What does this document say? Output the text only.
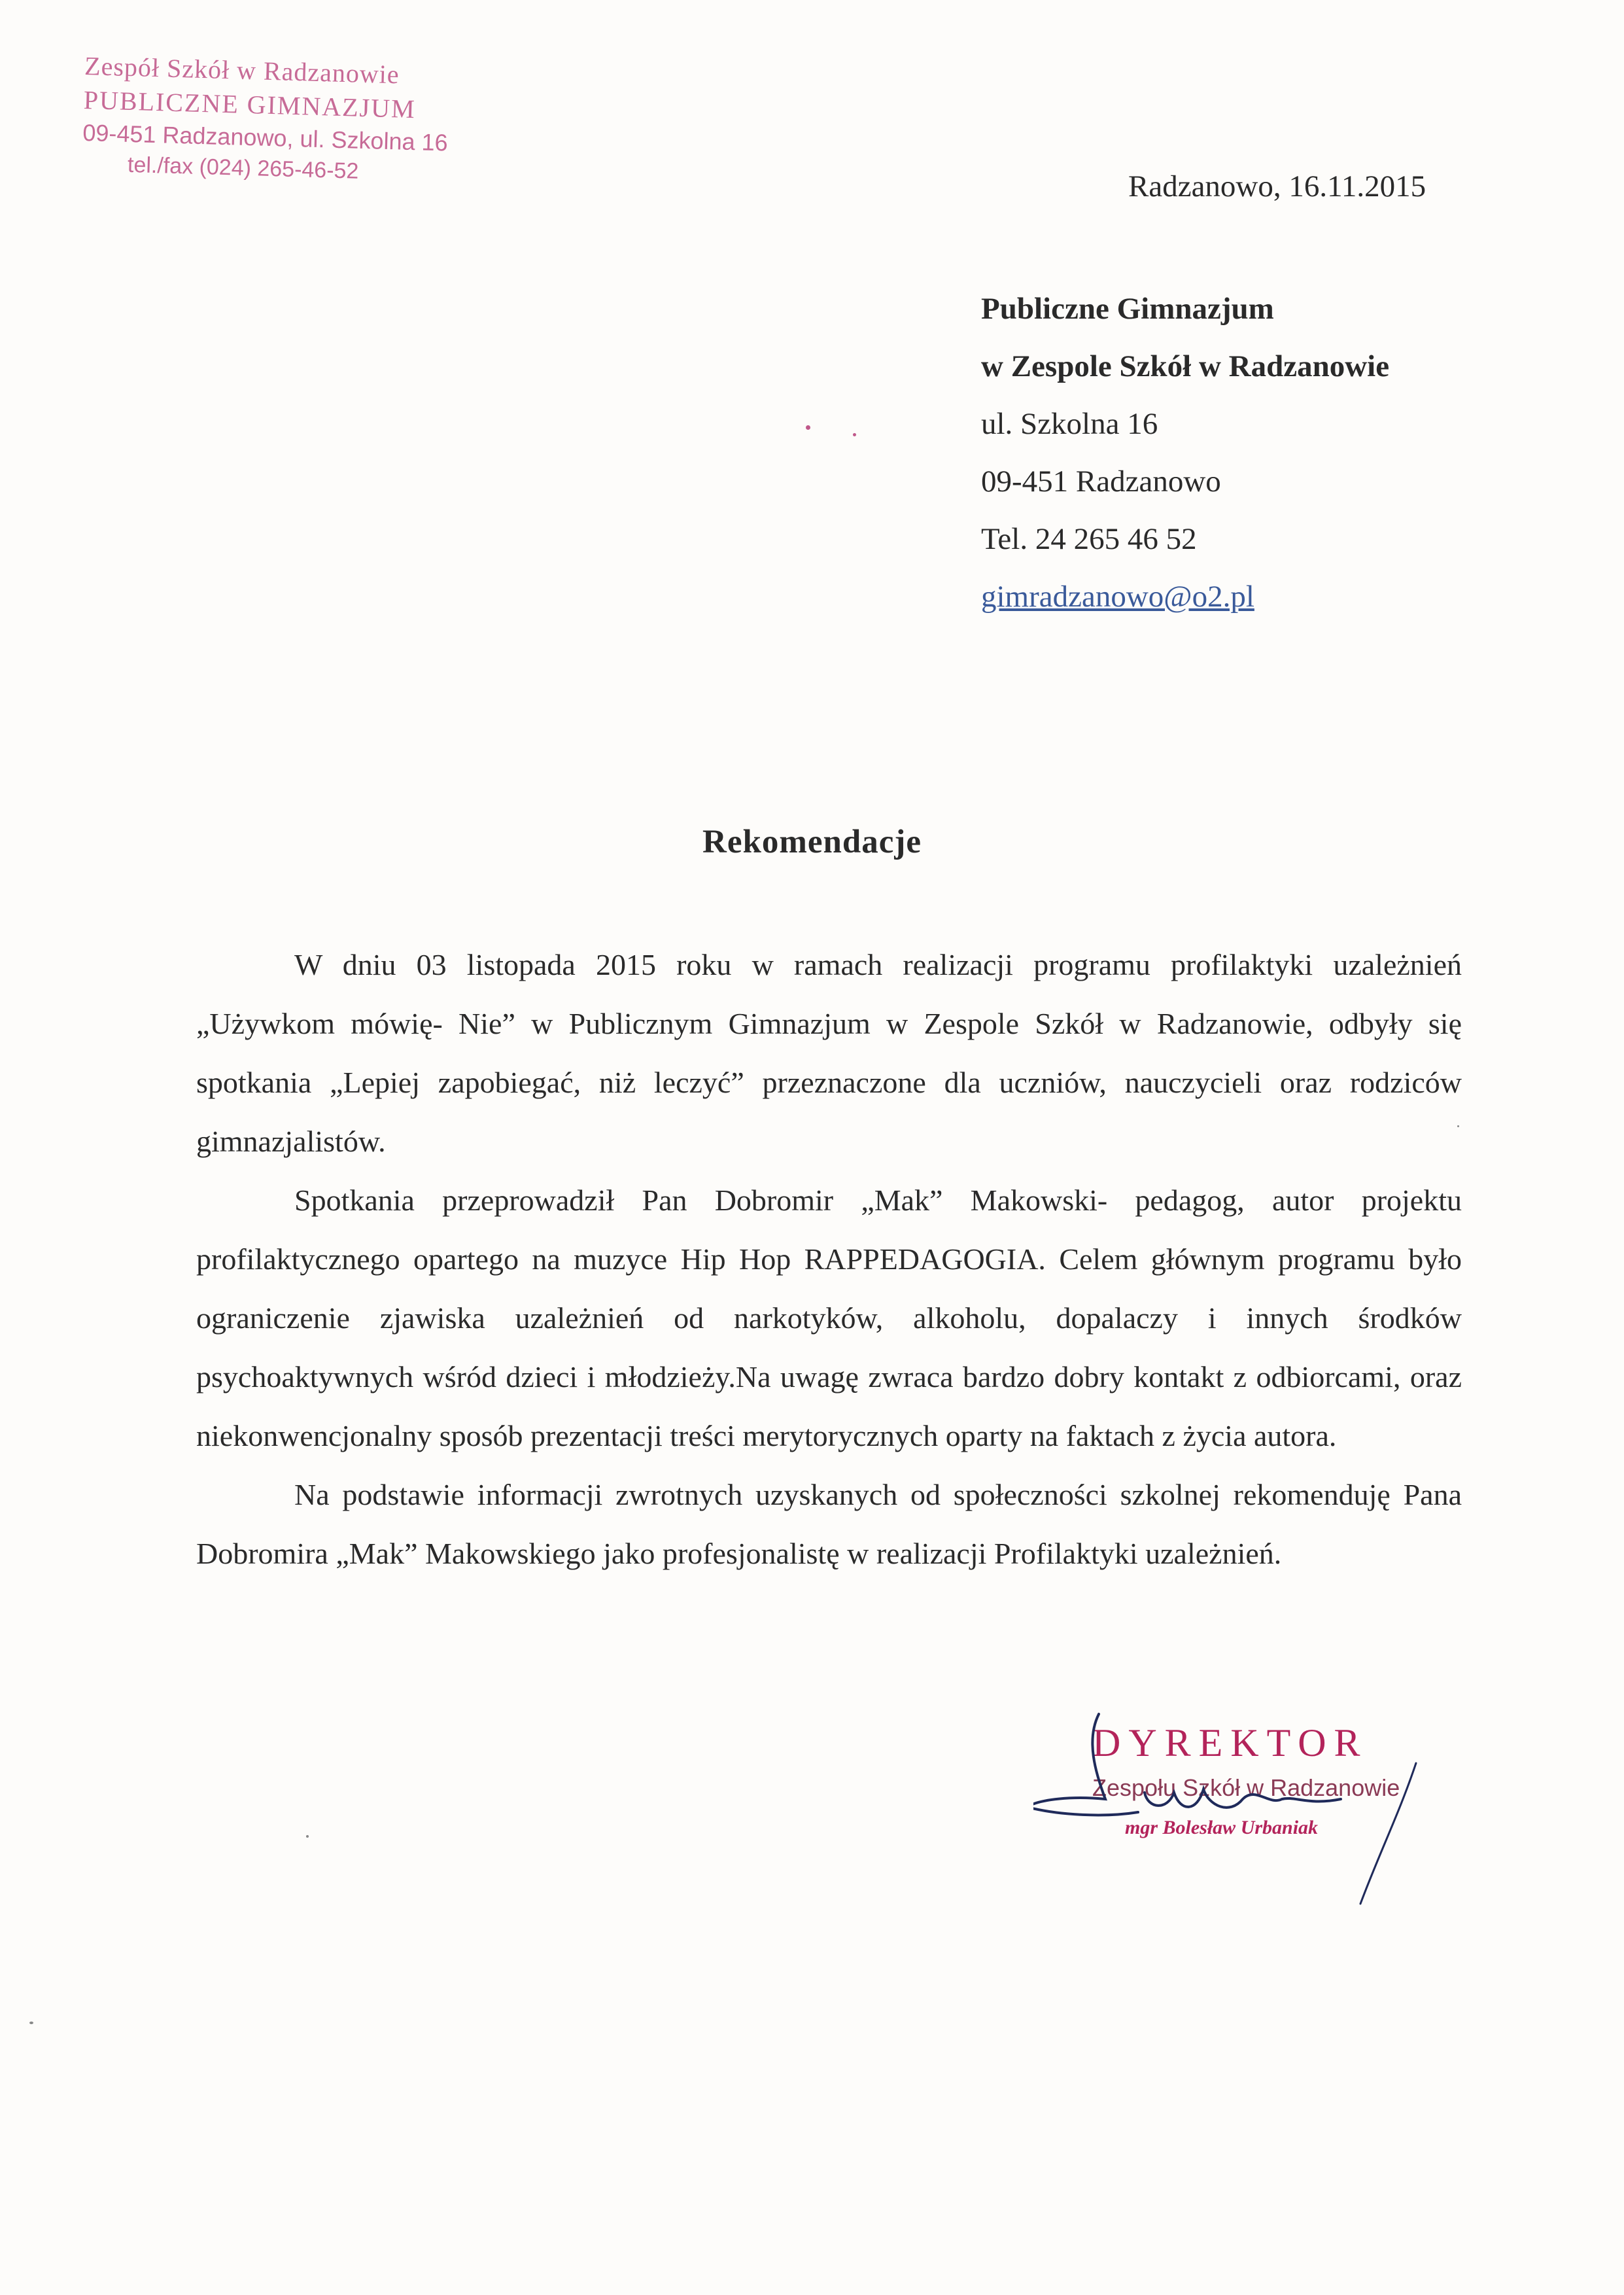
Zespół Szkół w Radzanowie
PUBLICZNE GIMNAZJUM
09-451 Radzanowo, ul. Szkolna 16
tel./fax (024) 265-46-52
Radzanowo, 16.11.2015
Publiczne Gimnazjum
w Zespole Szkół w Radzanowie
ul. Szkolna 16
09-451 Radzanowo
Tel. 24 265 46 52
gimradzanowo@o2.pl
Rekomendacje

W dniu 03 listopada 2015 roku w ramach realizacji programu profilaktyki uzależnień „Używkom mówię- Nie” w Publicznym Gimnazjum w Zespole Szkół w Radzanowie, odbyły się spotkania „Lepiej zapobiegać, niż leczyć” przeznaczone dla uczniów, nauczycieli oraz rodziców gimnazjalistów.

Spotkania przeprowadził Pan Dobromir „Mak” Makowski- pedagog, autor projektu profilaktycznego opartego na muzyce Hip Hop RAPPEDAGOGIA. Celem głównym programu było ograniczenie zjawiska uzależnień od narkotyków, alkoholu, dopalaczy i innych środków psychoaktywnych wśród dzieci i młodzieży.Na uwagę zwraca bardzo dobry kontakt z odbiorcami, oraz niekonwencjonalny sposób prezentacji treści merytorycznych oparty na faktach z życia autora.

Na podstawie informacji zwrotnych uzyskanych od społeczności szkolnej rekomenduję Pana Dobromira „Mak” Makowskiego jako profesjonalistę w realizacji Profilaktyki uzależnień.

DYREKTOR
Zespołu Szkół w Radzanowie
mgr Bolesław Urbaniak
